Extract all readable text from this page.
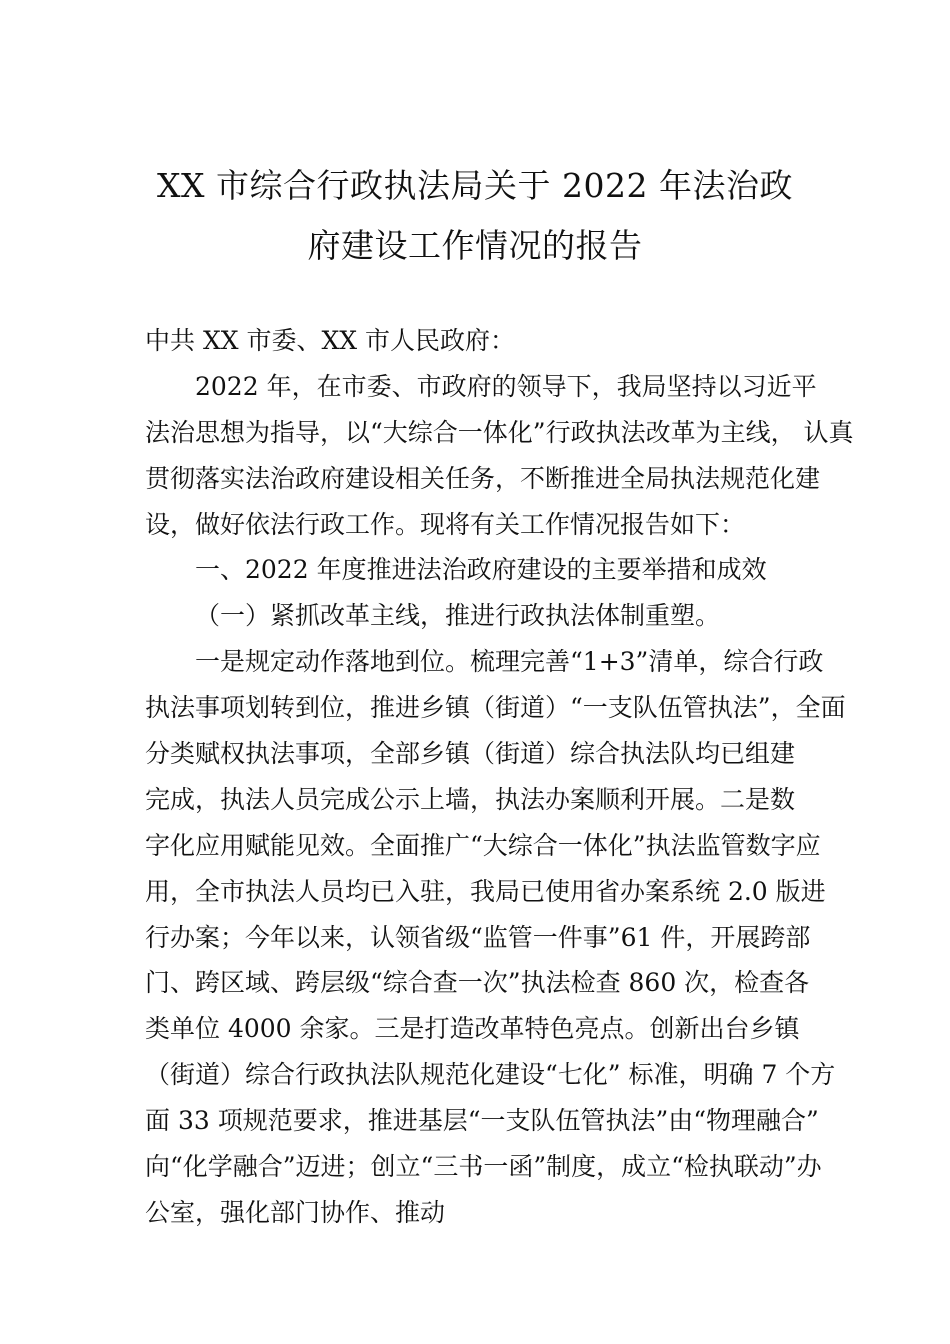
XX 市综合行政执法局关于 2022 年法治政
府建设工作情况的报告
中共 XX 市委、XX 市人民政府：
2022 年，在市委、市政府的领导下，我局坚持以习近平
法治思想为指导，以“大综合一体化”行政执法改革为主线， 认真
贯彻落实法治政府建设相关任务，不断推进全局执法规范化建
设，做好依法行政工作。现将有关工作情况报告如下：
一、2022 年度推进法治政府建设的主要举措和成效
（一）紧抓改革主线，推进行政执法体制重塑。
一是规定动作落地到位。梳理完善“1+3”清单，综合行政
执法事项划转到位，推进乡镇（街道）“一支队伍管执法”，全面
分类赋权执法事项，全部乡镇（街道）综合执法队均已组建
完成，执法人员完成公示上墙，执法办案顺利开展。二是数
字化应用赋能见效。全面推广“大综合一体化”执法监管数字应
用，全市执法人员均已入驻，我局已使用省办案系统 2.0 版进
行办案；今年以来，认领省级“监管一件事”61 件，开展跨部
门、跨区域、跨层级“综合查一次”执法检查 860 次，检查各
类单位 4000 余家。三是打造改革特色亮点。创新出台乡镇
（街道）综合行政执法队规范化建设“七化” 标准，明确 7 个方
面 33 项规范要求，推进基层“一支队伍管执法”由“物理融合”
向“化学融合”迈进；创立“三书一函”制度，成立“检执联动”办
公室，强化部门协作、推动
